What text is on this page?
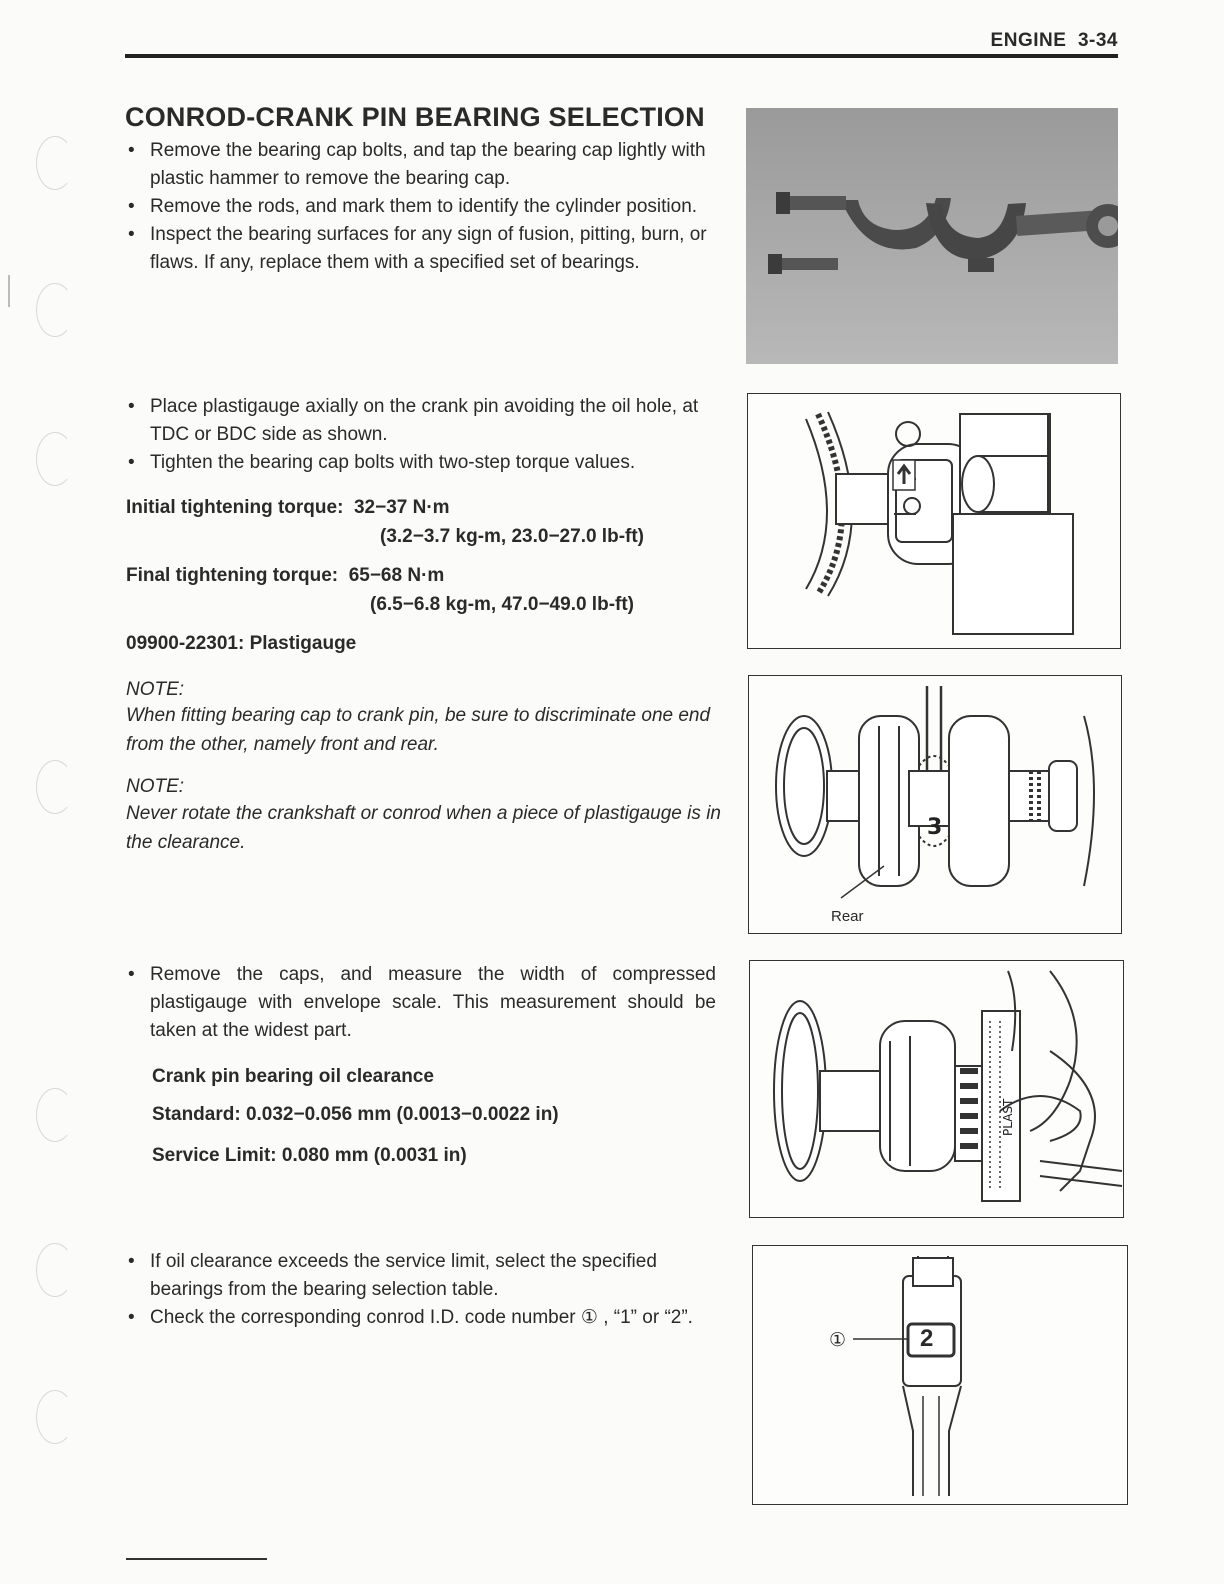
ENGINE 3-34
CONROD-CRANK PIN BEARING SELECTION
• Remove the bearing cap bolts, and tap the bearing cap lightly with plastic hammer to remove the bearing cap.
• Remove the rods, and mark them to identify the cylinder position.
• Inspect the bearing surfaces for any sign of fusion, pitting, burn, or flaws. If any, replace them with a specified set of bearings.
• Place plastigauge axially on the crank pin avoiding the oil hole, at TDC or BDC side as shown.
• Tighten the bearing cap bolts with two-step torque values.
Initial tightening torque: 32−37 N·m
(3.2−3.7 kg-m, 23.0−27.0 lb-ft)
Final tightening torque: 65−68 N·m
(6.5−6.8 kg-m, 47.0−49.0 lb-ft)
09900-22301: Plastigauge
NOTE:
When fitting bearing cap to crank pin, be sure to discriminate one end from the other, namely front and rear.
NOTE:
Never rotate the crankshaft or conrod when a piece of plastigauge is in the clearance.
3
Rear
• Remove the caps, and measure the width of compressed plastigauge with envelope scale. This measurement should be taken at the widest part.
Crank pin bearing oil clearance
Standard: 0.032−0.056 mm (0.0013−0.0022 in)
Service Limit: 0.080 mm (0.0031 in)
PLAST
• If oil clearance exceeds the service limit, select the specified bearings from the bearing selection table.
• Check the corresponding conrod I.D. code number ① , “1” or “2”.
①	2
